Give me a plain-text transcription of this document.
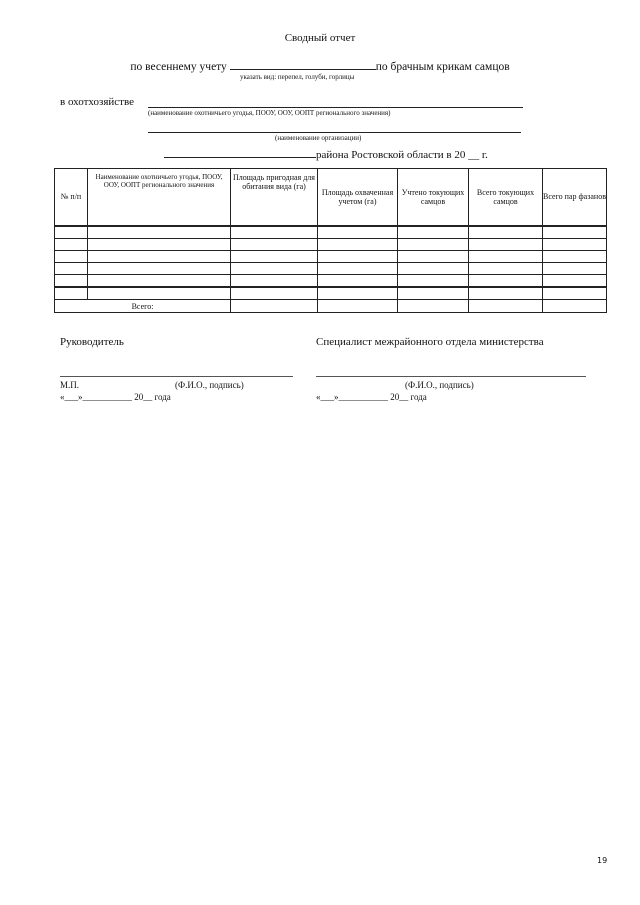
Сводный отчет
по весеннему учету	по брачным крикам самцов
указать вид: перепел, голуби, горлицы
в охотхозяйстве
(наименование охотничьего угодья, ПООУ, ООУ, ООПТ регионального значения)
(наименование организации)
района Ростовской области в 20 __ г.
№ п/п	Наименование охотничьего угодья, ПООУ, ООУ, ООПТ регионального значения	Площадь пригодная для обитания вида (га)	Площадь охваченная учетом (га)	Учтено токующих самцов	Всего токующих самцов	Всего пар фазанов

Всего:						
Руководитель	Специалист межрайонного отдела министерства
М.П.	(Ф.И.О., подпись)	(Ф.И.О., подпись)
«___»___________ 20__ года	«___»___________ 20__ года
19
